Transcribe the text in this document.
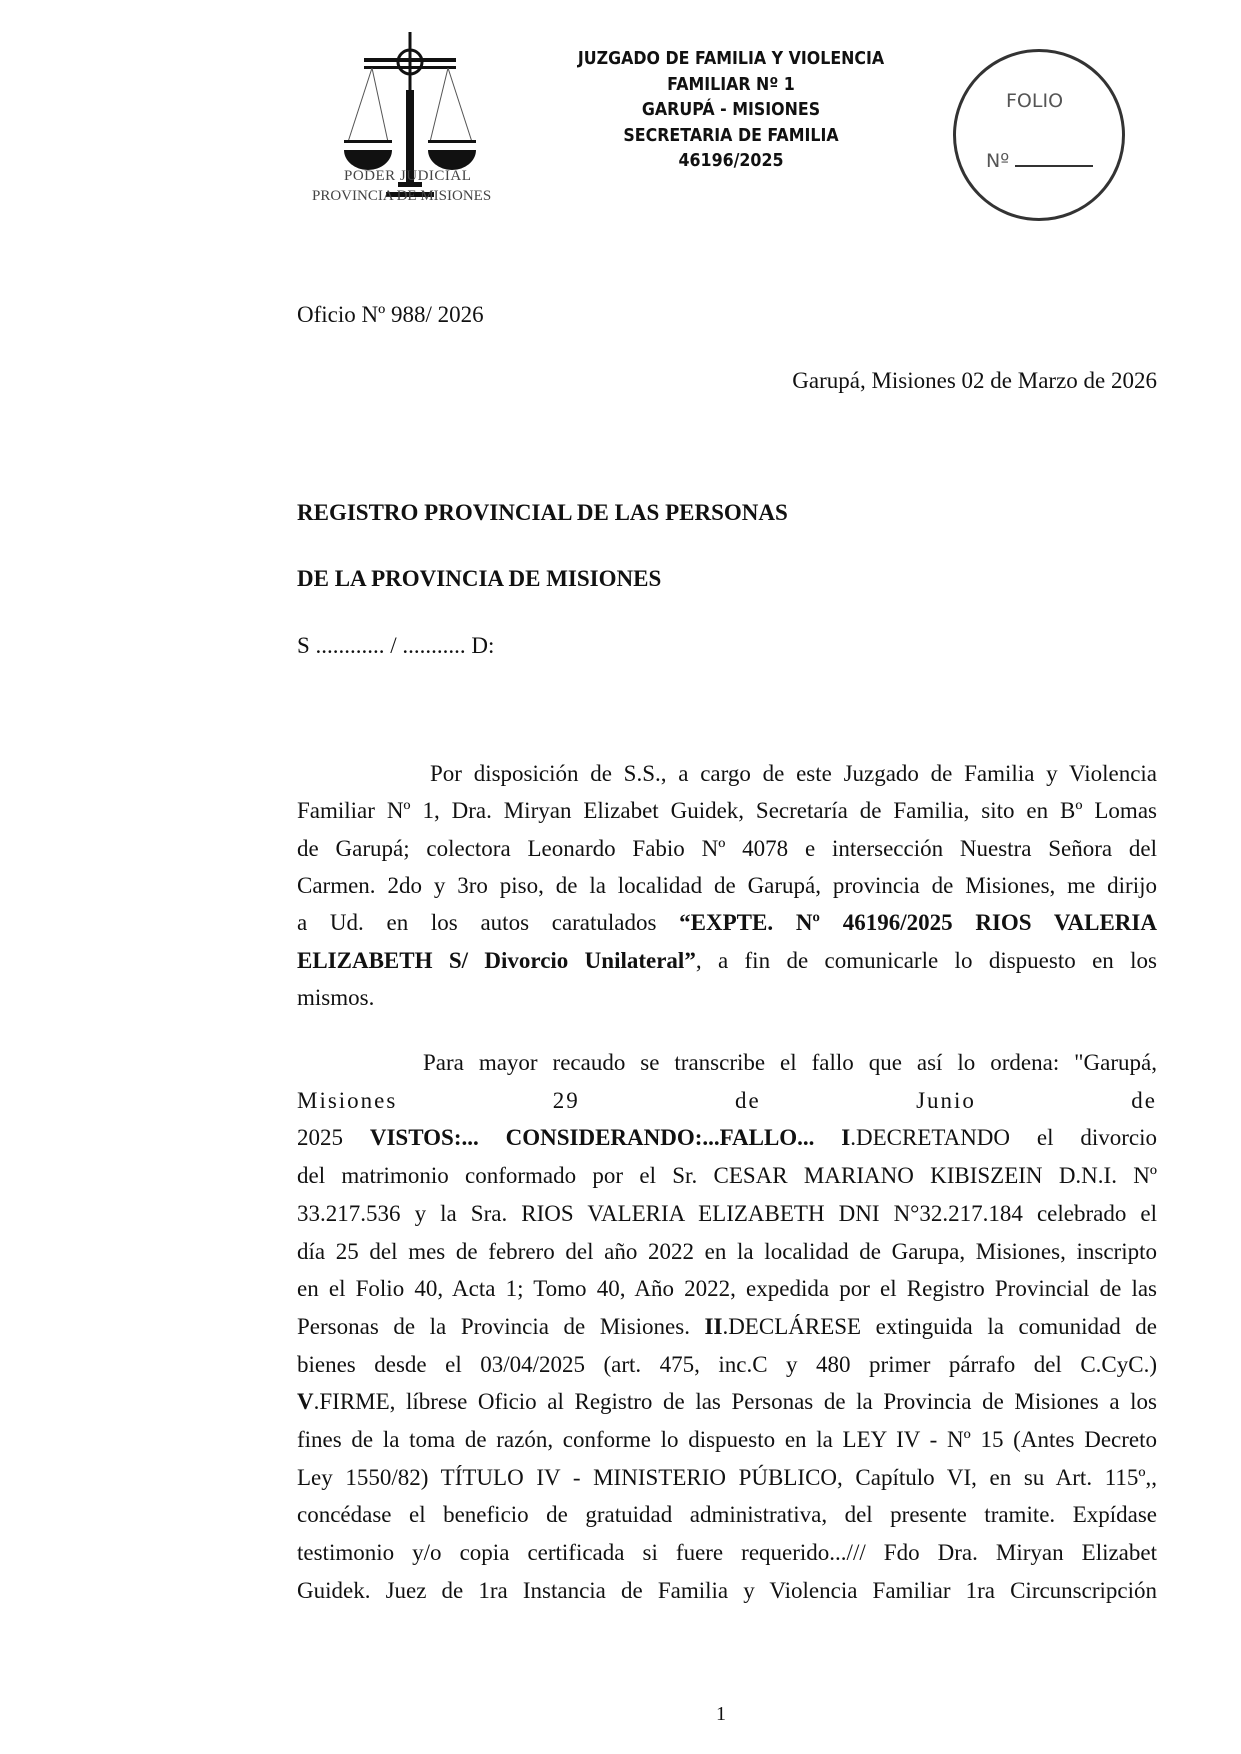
PODER JUDICIAL
PROVINCIA DE MISIONES
JUZGADO DE FAMILIA Y VIOLENCIA
FAMILIAR Nº 1
GARUPÁ - MISIONES
SECRETARIA DE FAMILIA
46196/2025
FOLIO
Nº
Oficio Nº 988/ 2026
Garupá, Misiones 02 de Marzo de 2026
REGISTRO PROVINCIAL DE LAS PERSONAS
DE LA PROVINCIA DE MISIONES
S ............ / ........... D:
Por disposición de S.S., a cargo de este Juzgado de Familia y Violencia
Familiar Nº 1, Dra. Miryan Elizabet Guidek, Secretaría de Familia, sito en Bº Lomas
de Garupá; colectora Leonardo Fabio Nº 4078 e intersección Nuestra Señora del
Carmen. 2do y 3ro piso, de la localidad de Garupá, provincia de Misiones, me dirijo
a Ud. en los autos caratulados “EXPTE. Nº 46196/2025 RIOS VALERIA
ELIZABETH S/ Divorcio Unilateral”, a fin de comunicarle lo dispuesto en los
mismos.
Para mayor recaudo se transcribe el fallo que así lo ordena: "Garupá,
Misiones 29 de Junio de
2025 VISTOS:... CONSIDERANDO:...FALLO... I.DECRETANDO el divorcio
del matrimonio conformado por el Sr. CESAR MARIANO KIBISZEIN D.N.I. Nº
33.217.536 y la Sra. RIOS VALERIA ELIZABETH DNI N°32.217.184 celebrado el
día 25 del mes de febrero del año 2022 en la localidad de Garupa, Misiones, inscripto
en el Folio 40, Acta 1; Tomo 40, Año 2022, expedida por el Registro Provincial de las
Personas de la Provincia de Misiones. II.DECLÁRESE extinguida la comunidad de
bienes desde el 03/04/2025 (art. 475, inc.C y 480 primer párrafo del C.CyC.)
V.FIRME, líbrese Oficio al Registro de las Personas de la Provincia de Misiones a los
fines de la toma de razón, conforme lo dispuesto en la LEY IV - Nº 15 (Antes Decreto
Ley 1550/82) TÍTULO IV - MINISTERIO PÚBLICO, Capítulo VI, en su Art. 115º,,
concédase el beneficio de gratuidad administrativa, del presente tramite. Expídase
testimonio y/o copia certificada si fuere requerido.../// Fdo Dra. Miryan Elizabet
Guidek. Juez de 1ra Instancia de Familia y Violencia Familiar 1ra Circunscripción
1
